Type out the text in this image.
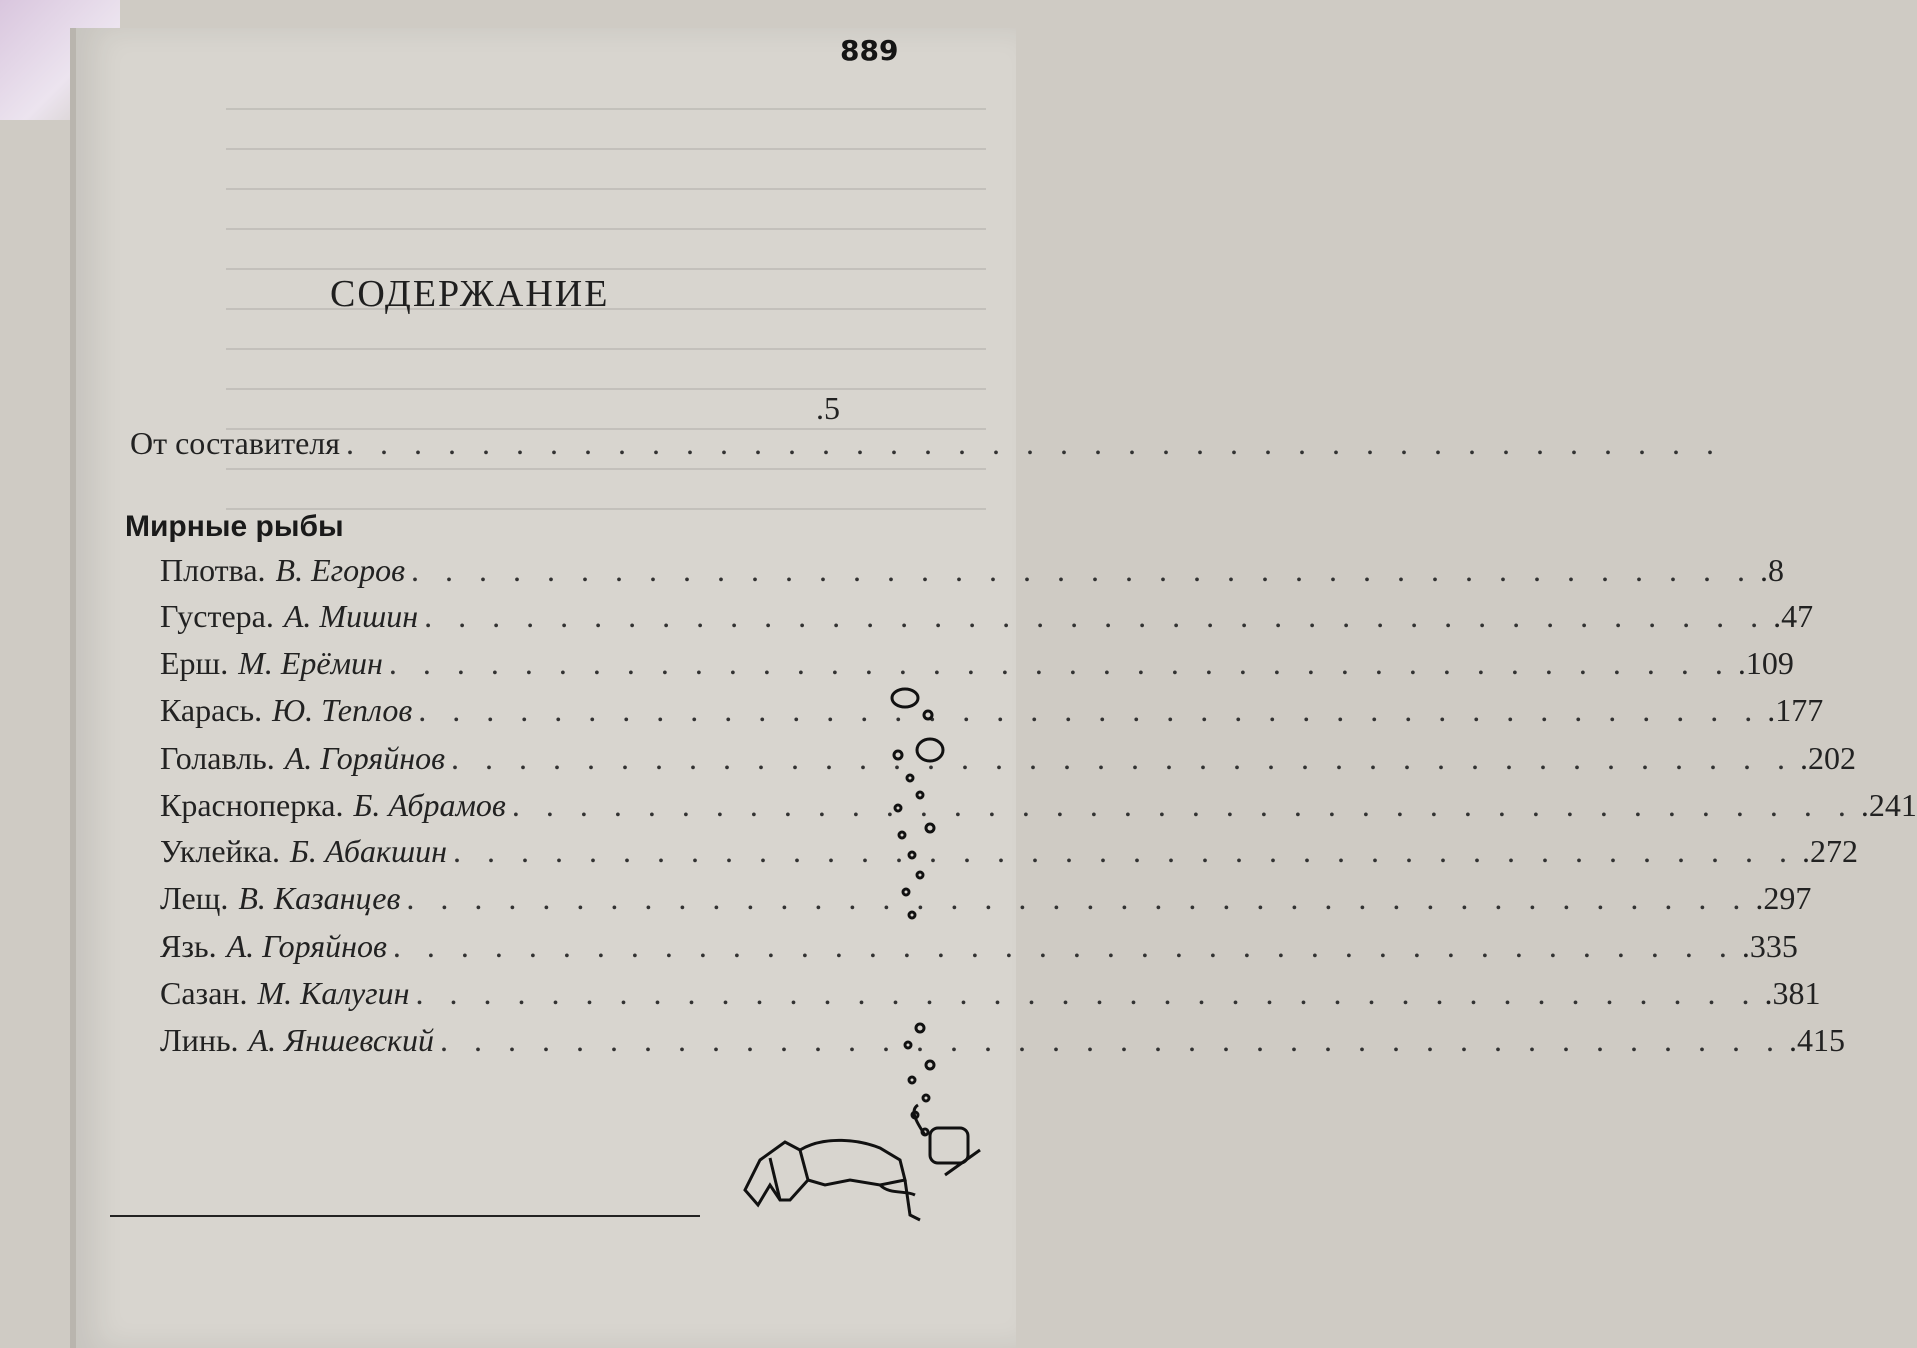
889
СОДЕРЖАНИЕ
От составителя . . . . . . . . . . . . . . . . . . . . . . . . . . . . . . . . . . . . . . . . .
.5
Мирные рыбы
Плотва. В. Егоров . . . . . . . . . . . . . . . . . . . . . . . . . . . . . . . . . . . . . . . . .8
Густера. А. Мишин . . . . . . . . . . . . . . . . . . . . . . . . . . . . . . . . . . . . . . . . .47
Ерш. М. Ерёмин . . . . . . . . . . . . . . . . . . . . . . . . . . . . . . . . . . . . . . . . .109
Карась. Ю. Теплов . . . . . . . . . . . . . . . . . . . . . . . . . . . . . . . . . . . . . . . . .177
Голавль. А. Горяйнов . . . . . . . . . . . . . . . . . . . . . . . . . . . . . . . . . . . . . . . . .202
Красноперка. Б. Абрамов . . . . . . . . . . . . . . . . . . . . . . . . . . . . . . . . . . . . . . . . .241
Уклейка. Б. Абакшин . . . . . . . . . . . . . . . . . . . . . . . . . . . . . . . . . . . . . . . . .272
Лещ. В. Казанцев . . . . . . . . . . . . . . . . . . . . . . . . . . . . . . . . . . . . . . . . .297
Язь. А. Горяйнов . . . . . . . . . . . . . . . . . . . . . . . . . . . . . . . . . . . . . . . . .335
Сазан. М. Калугин . . . . . . . . . . . . . . . . . . . . . . . . . . . . . . . . . . . . . . . . .381
Линь. А. Яншевский . . . . . . . . . . . . . . . . . . . . . . . . . . . . . . . . . . . . . . . . .415
